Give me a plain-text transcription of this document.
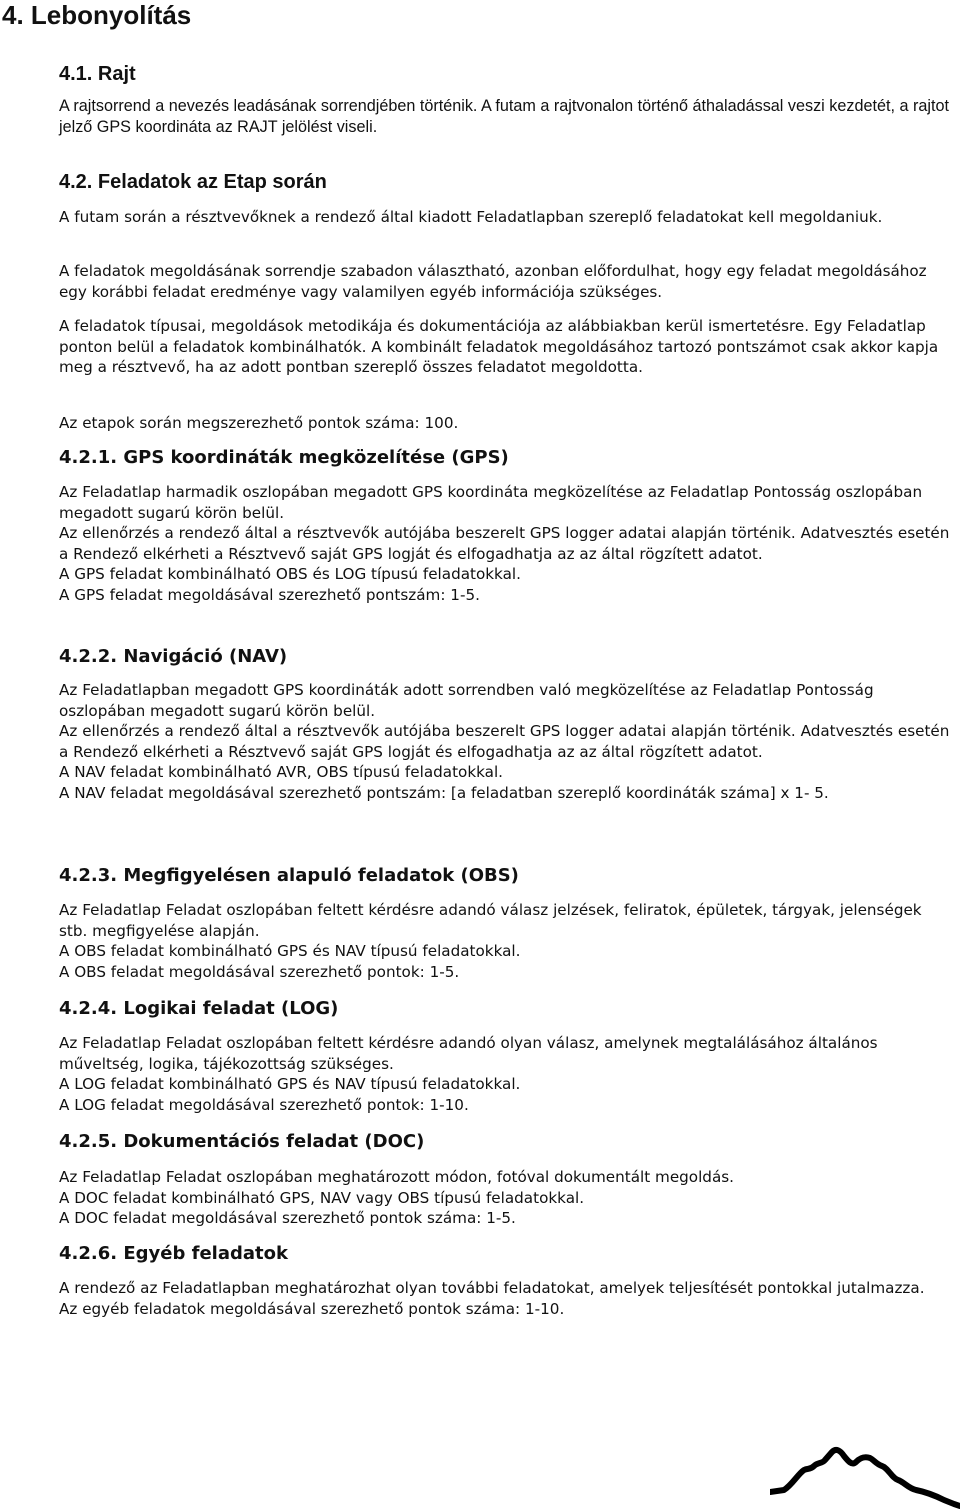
4. Lebonyolítás
4.1. Rajt

A rajtsorrend a nevezés leadásának sorrendjében történik. A futam a rajtvonalon történő áthaladással veszi kezdetét, a rajtot jelző GPS koordináta az RAJT jelölést viseli.

4.2. Feladatok az Etap során

A futam során a résztvevőknek a rendező által kiadott Feladatlapban szereplő feladatokat kell megoldaniuk.

A feladatok megoldásának sorrendje szabadon választható, azonban előfordulhat, hogy egy feladat megoldásához egy korábbi feladat eredménye vagy valamilyen egyéb információja szükséges.

A feladatok típusai, megoldások metodikája és dokumentációja az alábbiakban kerül ismertetésre. Egy Feladatlap ponton belül a feladatok kombinálhatók. A kombinált feladatok megoldásához tartozó pontszámot csak akkor kapja meg a résztvevő, ha az adott pontban szereplő összes feladatot megoldotta.

Az etapok során megszerezhető pontok száma: 100.

4.2.1. GPS koordináták megközelítése (GPS)

Az Feladatlap harmadik oszlopában megadott GPS koordináta megközelítése az Feladatlap Pontosság oszlopában megadott sugarú körön belül.
Az ellenőrzés a rendező által a résztvevők autójába beszerelt GPS logger adatai alapján történik. Adatvesztés esetén a Rendező elkérheti a Résztvevő saját GPS logját és elfogadhatja az az által rögzített adatot.
A GPS feladat kombinálható OBS és LOG típusú feladatokkal.
A GPS feladat megoldásával szerezhető pontszám: 1-5.

4.2.2. Navigáció (NAV)

Az Feladatlapban megadott GPS koordináták adott sorrendben való megközelítése az Feladatlap Pontosság oszlopában megadott sugarú körön belül.
Az ellenőrzés a rendező által a résztvevők autójába beszerelt GPS logger adatai alapján történik. Adatvesztés esetén a Rendező elkérheti a Résztvevő saját GPS logját és elfogadhatja az az által rögzített adatot.
A NAV feladat kombinálható AVR, OBS típusú feladatokkal.
A NAV feladat megoldásával szerezhető pontszám: [a feladatban szereplő koordináták száma] x 1- 5.

4.2.3. Megfigyelésen alapuló feladatok (OBS)

Az Feladatlap Feladat oszlopában feltett kérdésre adandó válasz jelzések, feliratok, épületek, tárgyak, jelenségek stb. megfigyelése alapján.
A OBS feladat kombinálható GPS és NAV típusú feladatokkal.
A OBS feladat megoldásával szerezhető pontok: 1-5.

4.2.4. Logikai feladat (LOG)

Az Feladatlap Feladat oszlopában feltett kérdésre adandó olyan válasz, amelynek megtalálásához általános műveltség, logika, tájékozottság szükséges.
A LOG feladat kombinálható GPS és NAV típusú feladatokkal.
A LOG feladat megoldásával szerezhető pontok: 1-10.

4.2.5. Dokumentációs feladat (DOC)

Az Feladatlap Feladat oszlopában meghatározott módon, fotóval dokumentált megoldás.
A DOC feladat kombinálható GPS, NAV vagy OBS típusú feladatokkal.
A DOC feladat megoldásával szerezhető pontok száma: 1-5.

4.2.6. Egyéb feladatok

A rendező az Feladatlapban meghatározhat olyan további feladatokat, amelyek teljesítését pontokkal jutalmazza.
Az egyéb feladatok megoldásával szerezhető pontok száma: 1-10.
